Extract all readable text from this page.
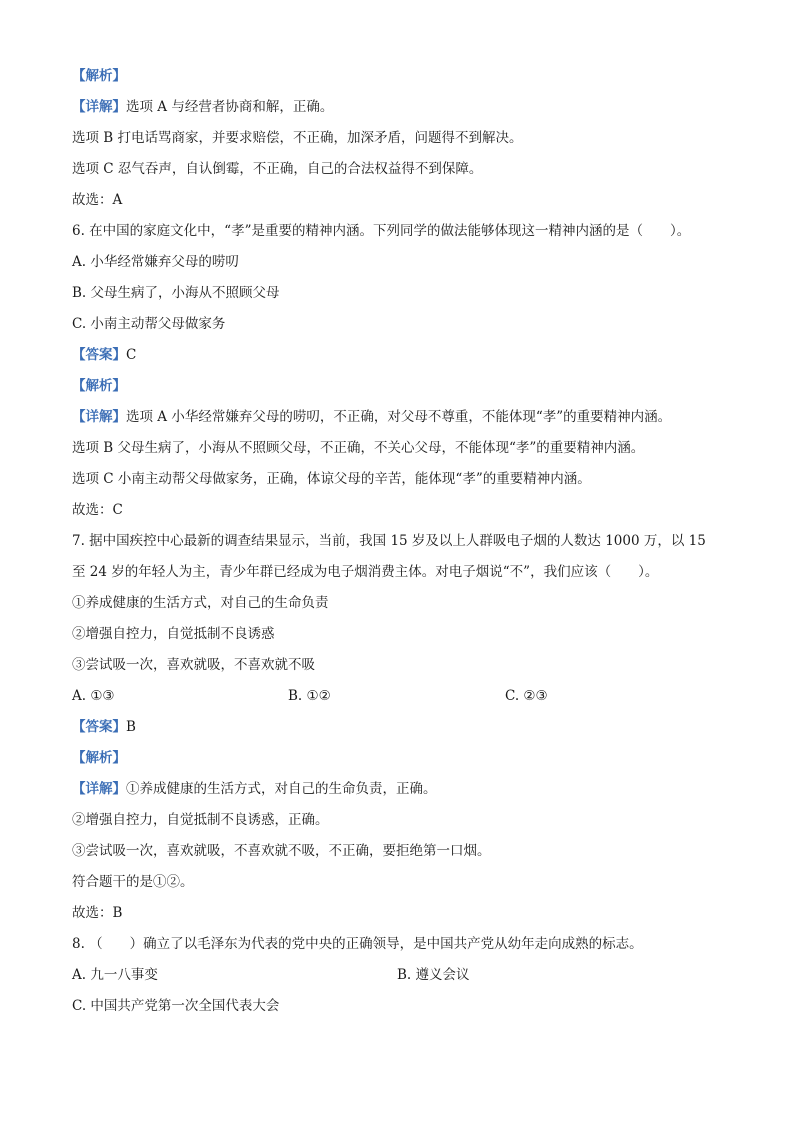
【解析】
【详解】选项 A 与经营者协商和解，正确。
选项 B 打电话骂商家，并要求赔偿，不正确，加深矛盾，问题得不到解决。
选项 C 忍气吞声，自认倒霉，不正确，自己的合法权益得不到保障。
故选：A
6. 在中国的家庭文化中，“孝”是重要的精神内涵。下列同学的做法能够体现这一精神内涵的是（　　）。
A. 小华经常嫌弃父母的唠叨
B. 父母生病了，小海从不照顾父母
C. 小南主动帮父母做家务
【答案】C
【解析】
【详解】选项 A 小华经常嫌弃父母的唠叨，不正确，对父母不尊重，不能体现“孝”的重要精神内涵。
选项 B 父母生病了，小海从不照顾父母，不正确，不关心父母，不能体现“孝”的重要精神内涵。
选项 C 小南主动帮父母做家务，正确，体谅父母的辛苦，能体现“孝”的重要精神内涵。
故选：C
7. 据中国疾控中心最新的调查结果显示，当前，我国 15 岁及以上人群吸电子烟的人数达 1000 万，以 15
至 24 岁的年轻人为主，青少年群已经成为电子烟消费主体。对电子烟说“不”，我们应该（　　）。
①养成健康的生活方式，对自己的生命负责
②增强自控力，自觉抵制不良诱惑
③尝试吸一次，喜欢就吸，不喜欢就不吸
A. ①③	B. ①②	C. ②③
【答案】B
【解析】
【详解】①养成健康的生活方式，对自己的生命负责，正确。
②增强自控力，自觉抵制不良诱惑，正确。
③尝试吸一次，喜欢就吸，不喜欢就不吸，不正确，要拒绝第一口烟。
符合题干的是①②。
故选：B
8. （　　）确立了以毛泽东为代表的党中央的正确领导，是中国共产党从幼年走向成熟的标志。
A. 九一八事变	B. 遵义会议
C. 中国共产党第一次全国代表大会
